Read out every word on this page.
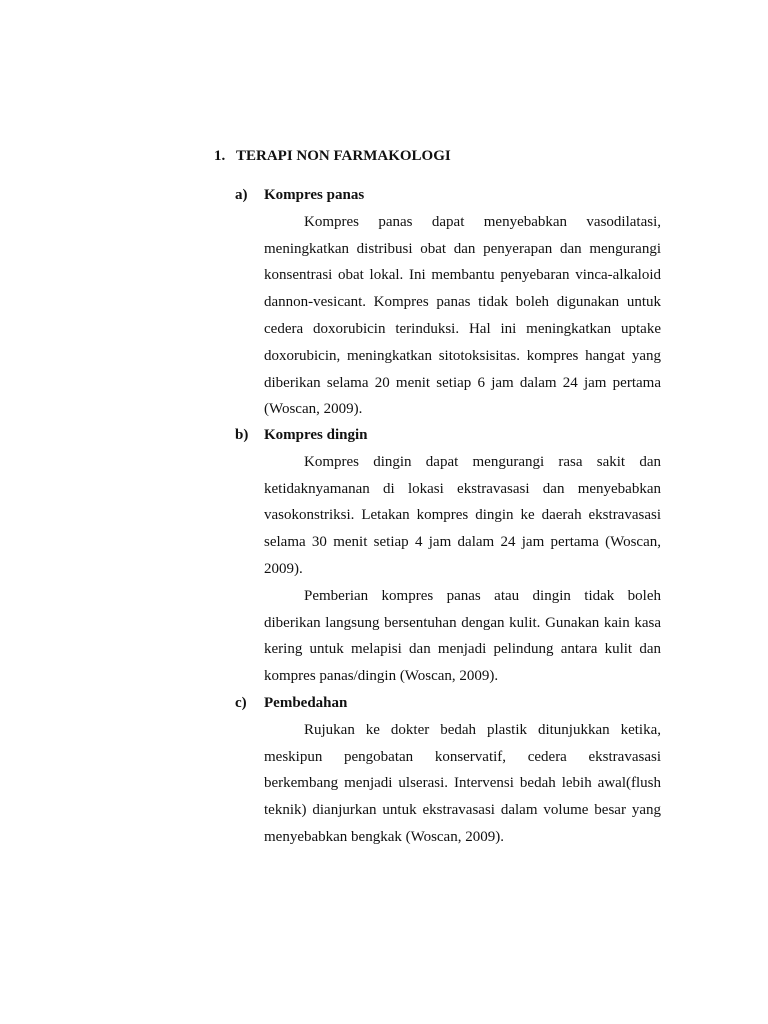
1. TERAPI NON FARMAKOLOGI
a) Kompres panas

Kompres panas dapat menyebabkan vasodilatasi, meningkatkan distribusi obat dan penyerapan dan mengurangi konsentrasi obat lokal. Ini membantu penyebaran vinca-alkaloid dannon-vesicant. Kompres panas tidak boleh digunakan untuk cedera doxorubicin terinduksi. Hal ini meningkatkan uptake doxorubicin, meningkatkan sitotoksisitas. kompres hangat yang diberikan selama 20 menit setiap 6 jam dalam 24 jam pertama (Woscan, 2009).

b) Kompres dingin

Kompres dingin dapat mengurangi rasa sakit dan ketidaknyamanan di lokasi ekstravasasi dan menyebabkan vasokonstriksi. Letakan kompres dingin ke daerah ekstravasasi selama 30 menit setiap 4 jam dalam 24 jam pertama (Woscan, 2009).

Pemberian kompres panas atau dingin tidak boleh diberikan langsung bersentuhan dengan kulit. Gunakan kain kasa kering untuk melapisi dan menjadi pelindung antara kulit dan kompres panas/dingin (Woscan, 2009).

c) Pembedahan

Rujukan ke dokter bedah plastik ditunjukkan ketika, meskipun pengobatan konservatif, cedera ekstravasasi berkembang menjadi ulserasi. Intervensi bedah lebih awal(flush teknik) dianjurkan untuk ekstravasasi dalam volume besar yang menyebabkan bengkak (Woscan, 2009).
